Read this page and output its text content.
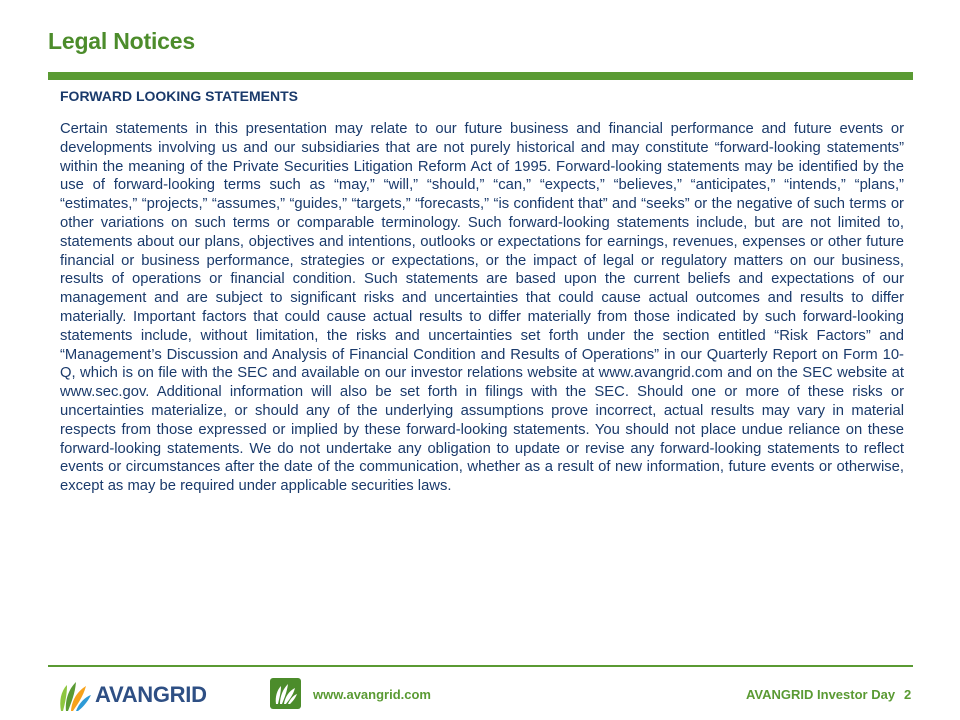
Legal Notices
FORWARD LOOKING STATEMENTS

Certain statements in this presentation may relate to our future business and financial performance and future events or developments involving us and our subsidiaries that are not purely historical and may constitute “forward-looking statements” within the meaning of the Private Securities Litigation Reform Act of 1995. Forward-looking statements may be identified by the use of forward-looking terms such as “may,” “will,” “should,” “can,” “expects,” “believes,” “anticipates,” “intends,” “plans,” “estimates,” “projects,” “assumes,” “guides,” “targets,” “forecasts,” “is confident that” and “seeks” or the negative of such terms or other variations on such terms or comparable terminology. Such forward-looking statements include, but are not limited to, statements about our plans, objectives and intentions, outlooks or expectations for earnings, revenues, expenses or other future financial or business performance, strategies or expectations, or the impact of legal or regulatory matters on our business, results of operations or financial condition. Such statements are based upon the current beliefs and expectations of our management and are subject to significant risks and uncertainties that could cause actual outcomes and results to differ materially. Important factors that could cause actual results to differ materially from those indicated by such forward-looking statements include, without limitation, the risks and uncertainties set forth under the section entitled “Risk Factors” and “Management’s Discussion and Analysis of Financial Condition and Results of Operations” in our Quarterly Report on Form 10-Q, which is on file with the SEC and available on our investor relations website at www.avangrid.com and on the SEC website at www.sec.gov. Additional information will also be set forth in filings with the SEC. Should one or more of these risks or uncertainties materialize, or should any of the underlying assumptions prove incorrect, actual results may vary in material respects from those expressed or implied by these forward-looking statements. You should not place undue reliance on these forward-looking statements. We do not undertake any obligation to update or revise any forward-looking statements to reflect events or circumstances after the date of the communication, whether as a result of new information, future events or otherwise, except as may be required under applicable securities laws.

AVANGRID	www.avangrid.com	AVANGRID Investor Day 2
